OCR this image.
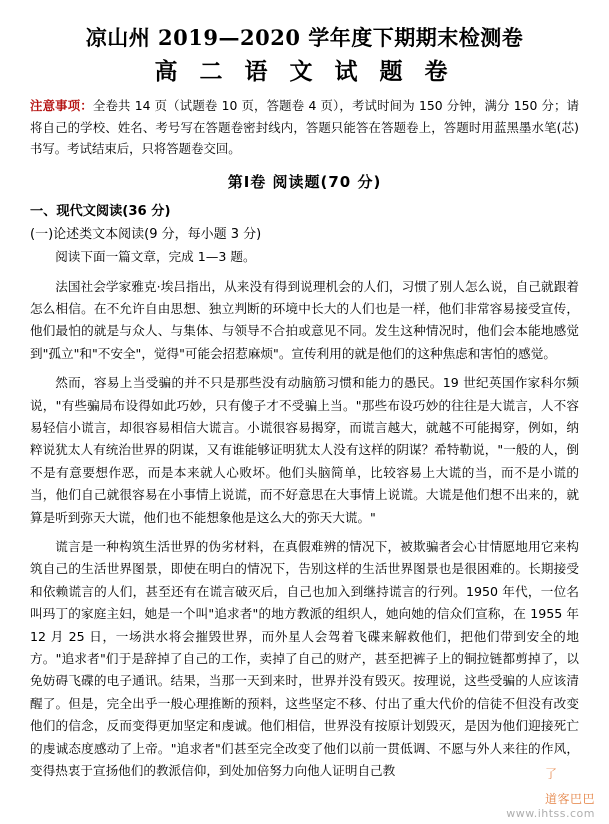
凉山州 2019—2020 学年度下期期末检测卷
高 二 语 文 试 题 卷
注意事项：全卷共 14 页（试题卷 10 页，答题卷 4 页），考试时间为 150 分钟，满分 150 分；请将自己的学校、姓名、考号写在答题卷密封线内，答题只能答在答题卷上，答题时用蓝黑墨水笔(芯)书写。考试结束后，只将答题卷交回。
第Ⅰ卷 阅读题(70 分)
一、现代文阅读(36 分)
(一)论述类文本阅读(9 分，每小题 3 分)
阅读下面一篇文章，完成 1—3 题。
法国社会学家雅克·埃吕指出，从来没有得到说理机会的人们，习惯了别人怎么说，自己就跟着怎么相信。在不允许自由思想、独立判断的环境中长大的人们也是一样，他们非常容易接受宣传，他们最怕的就是与众人、与集体、与领导不合拍或意见不同。发生这种情况时，他们会本能地感觉到"孤立"和"不安全"，觉得"可能会招惹麻烦"。宣传利用的就是他们的这种焦虑和害怕的感觉。
然而，容易上当受骗的并不只是那些没有动脑筋习惯和能力的愚民。19 世纪英国作家科尔频说，"有些骗局布设得如此巧妙，只有傻子才不受骗上当。"那些布设巧妙的往往是大谎言，人不容易轻信小谎言，却很容易相信大谎言。小谎很容易揭穿，而谎言越大，就越不可能揭穿，例如，纳粹说犹太人有统治世界的阴谋，又有谁能够证明犹太人没有这样的阴谋？希特勒说，"一般的人，倒不是有意要想作恶，而是本来就人心败坏。他们头脑简单，比较容易上大谎的当，而不是小谎的当，他们自己就很容易在小事情上说谎，而不好意思在大事情上说谎。大谎是他们想不出来的，就算是听到弥天大谎，他们也不能想象他是这么大的弥天大谎。"
谎言是一种构筑生活世界的伪劣材料，在真假难辨的情况下，被欺骗者会心甘情愿地用它来构筑自己的生活世界图景，即使在明白的情况下，告别这样的生活世界图景也是很困难的。长期接受和依赖谎言的人们，甚至还有在谎言破灭后，自己也加入到继持谎言的行列。1950 年代，一位名叫玛丁的家庭主妇，她是一个叫"追求者"的地方教派的组织人，她向她的信众们宣称，在 1955 年 12 月 25 日，一场洪水将会摧毁世界，而外星人会驾着飞碟来解救他们，把他们带到安全的地方。"追求者"们于是辞掉了自己的工作，卖掉了自己的财产，甚至把裤子上的铜拉链都剪掉了，以免妨碍飞碟的电子通讯。结果，当那一天到来时，世界并没有毁灭。按理说，这些受骗的人应该清醒了。但是，完全出乎一般心理推断的预料，这些坚定不移、付出了重大代价的信徒不但没有改变他们的信念，反而变得更加坚定和虔诚。他们相信，世界没有按原计划毁灭，是因为他们迎接死亡的虔诚态度感动了上帝。"追求者"们甚至完全改变了他们以前一贯低调、不愿与外人来往的作风，变得热衷于宣扬他们的教派信仰，到处加倍努力向他人证明自己教	了
道客巴巴
www.ihtss.com
